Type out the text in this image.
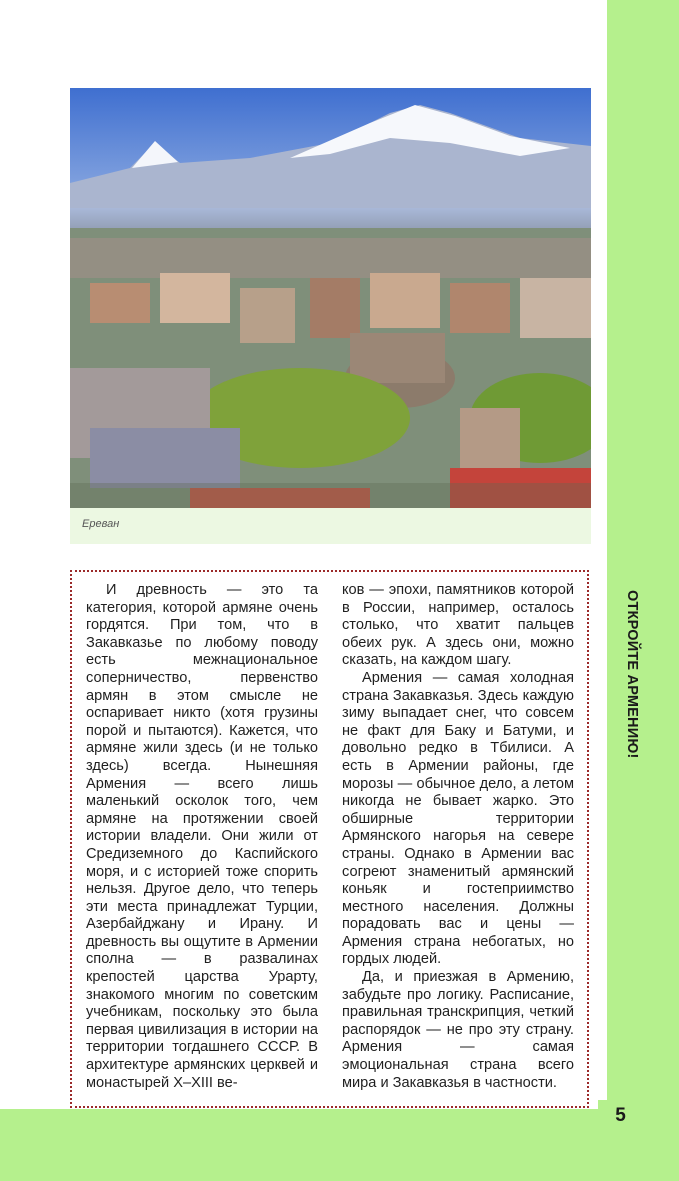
5
ОТКРОЙТЕ АРМЕНИЮ!
Ереван

И древность — это та категория, которой армяне очень гордятся. При том, что в Закавказье по любому поводу есть межнациональное соперничество, первенство армян в этом смысле не оспаривает никто (хотя грузины порой и пытаются). Кажется, что армяне жили здесь (и не только здесь) всегда. Нынешняя Армения — всего лишь маленький осколок того, чем армяне на протяжении своей истории владели. Они жили от Средиземного до Каспийского моря, и с историей тоже спорить нельзя. Другое дело, что теперь эти места принадлежат Турции, Азербайджану и Ирану. И древность вы ощутите в Армении сполна — в развалинах крепостей царства Урарту, знакомого многим по советским учебникам, поскольку это была первая цивилизация в истории на территории тогдашнего СССР. В архитектуре армянских церквей и монастырей X–XIII ве-

ков — эпохи, памятников которой в России, например, осталось столько, что хватит пальцев обеих рук. А здесь они, можно сказать, на каждом шагу.

Армения — самая холодная страна Закавказья. Здесь каждую зиму выпадает снег, что совсем не факт для Баку и Батуми, и довольно редко в Тбилиси. А есть в Армении районы, где морозы — обычное дело, а летом никогда не бывает жарко. Это обширные территории Армянского нагорья на севере страны. Однако в Армении вас согреют знаменитый армянский коньяк и гостеприимство местного населения. Должны порадовать вас и цены — Армения страна небогатых, но гордых людей.

Да, и приезжая в Армению, забудьте про логику. Расписание, правильная транскрипция, четкий распорядок — не про эту страну. Армения — самая эмоциональная страна всего мира и Закавказья в частности.
